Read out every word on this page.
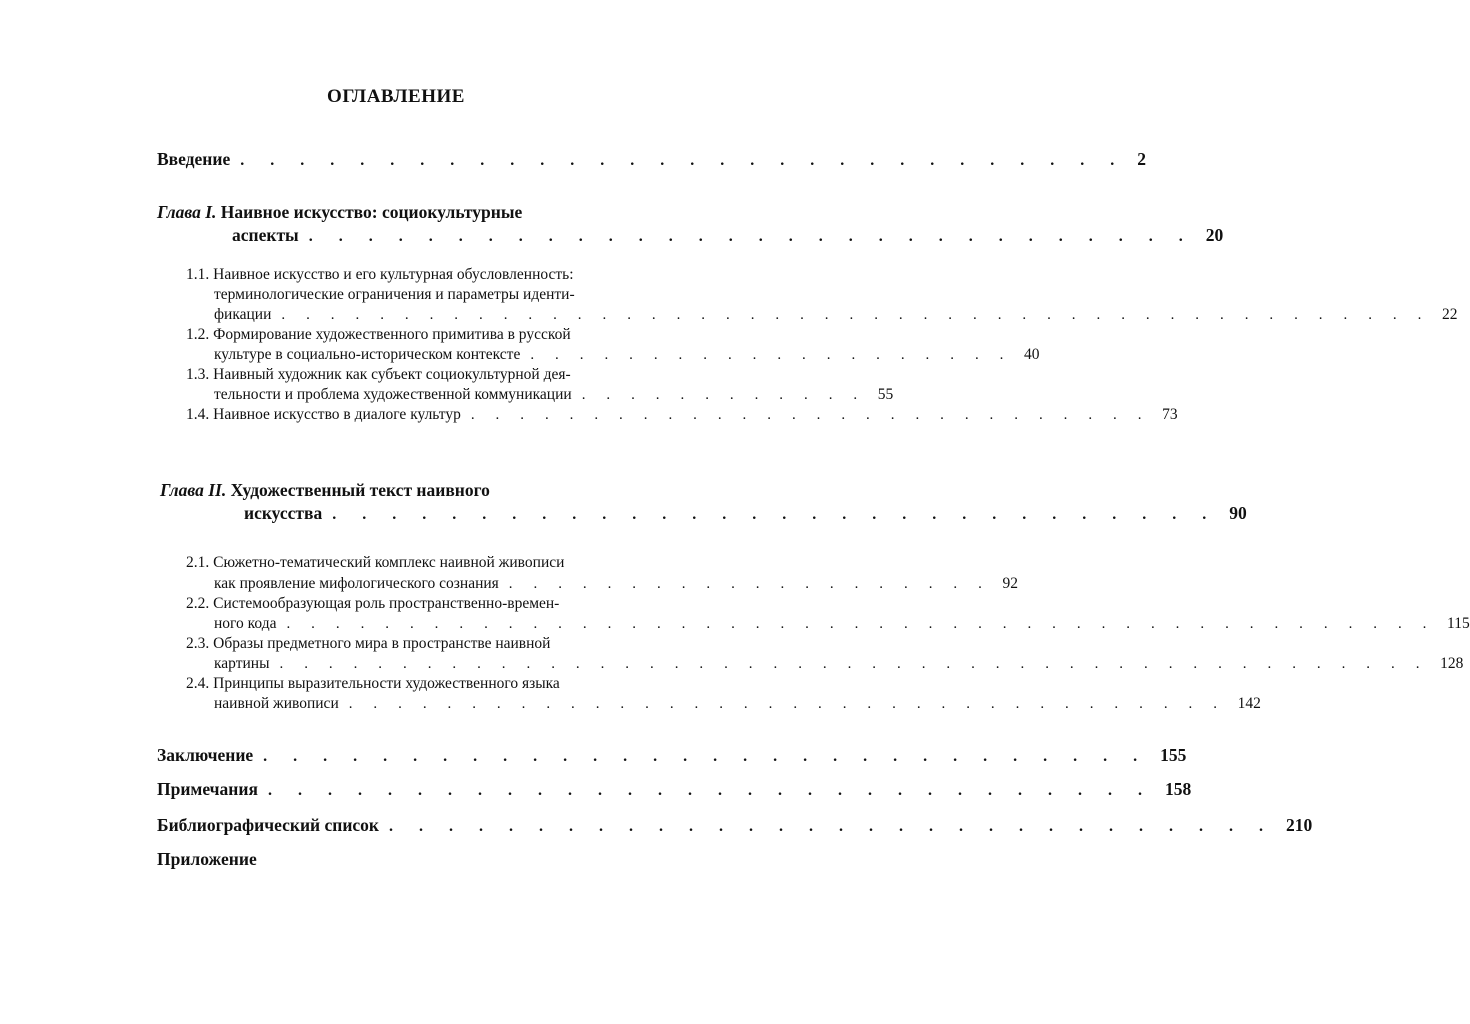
ОГЛАВЛЕНИЕ
Введение . . . . . . . . . . . . . . . . . . . . . . . . . . . . . . 2
Глава I. Наивное искусство: социокультурные
аспекты . . . . . . . . . . . . . . . . . . . . . . . . . . . . . . 20
1.1. Наивное искусство и его культурная обусловленность:
терминологические ограничения и параметры иденти-
фикации . . . . . . . . . . . . . . . . . . . . . . . . . . . . . . . . . . . . . . . . . . . . . . . 22
1.2. Формирование художественного примитива в русской
культуре в социально-историческом контексте . . . . . . . . . . . . . . . . . . . . 40
1.3. Наивный художник как субъект социокультурной дея-
тельности и проблема художественной коммуникации . . . . . . . . . . . . 55
1.4. Наивное искусство в диалоге культур . . . . . . . . . . . . . . . . . . . . . . . . . . . . 73
Глава II. Художественный текст наивного
искусства . . . . . . . . . . . . . . . . . . . . . . . . . . . . . . 90
2.1. Сюжетно-тематический комплекс наивной живописи
как проявление мифологического сознания . . . . . . . . . . . . . . . . . . . . 92
2.2. Системообразующая роль пространственно-времен-
ного кода . . . . . . . . . . . . . . . . . . . . . . . . . . . . . . . . . . . . . . . . . . . . . . . 115
2.3. Образы предметного мира в пространстве наивной
картины . . . . . . . . . . . . . . . . . . . . . . . . . . . . . . . . . . . . . . . . . . . . . . . 128
2.4. Принципы выразительности художественного языка
наивной живописи . . . . . . . . . . . . . . . . . . . . . . . . . . . . . . . . . . . . 142
Заключение . . . . . . . . . . . . . . . . . . . . . . . . . . . . . . 155
Примечания . . . . . . . . . . . . . . . . . . . . . . . . . . . . . . 158
Библиографический список . . . . . . . . . . . . . . . . . . . . . . . . . . . . . . 210
Приложение
